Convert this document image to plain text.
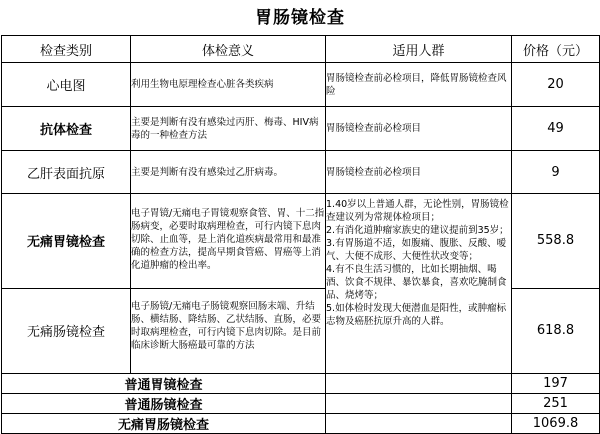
胃肠镜检查
检查类别	体检意义	适用人群	价格（元）
心电图	利用生物电原理检查心脏各类疾病	胃肠镜检查前必检项目，降低胃肠镜检查风险	20
抗体检查	主要是判断有没有感染过丙肝、梅毒、HIV病毒的一种检查方法	胃肠镜检查前必检项目	49
乙肝表面抗原	主要是判断有没有感染过乙肝病毒。	胃肠镜检查前必检项目	9
无痛胃镜检查	电子胃镜/无痛电子胃镜观察食管、胃、十二指肠病变，必要时取病理检查，可行内镜下息肉切除、止血等，是上消化道疾病最常用和最准确的检查方法，提高早期食管癌、胃癌等上消化道肿瘤的检出率。	1.40岁以上普通人群，无论性别，胃肠镜检查建议列为常规体检项目；
2.有消化道肿瘤家族史的建议提前到35岁；
3.有胃肠道不适，如腹痛、腹胀、反酸、嗳气、大便不成形、大便性状改变等；
4.有不良生活习惯的，比如长期抽烟、喝酒、饮食不规律、暴饮暴食，喜欢吃腌制食品、烧烤等；
5.如体检时发现大便潜血是阳性，或肿瘤标志物及癌胚抗原升高的人群。	558.8
无痛肠镜检查	电子肠镜/无痛电子肠镜观察回肠末端、升结肠、横结肠、降结肠、乙状结肠、直肠，必要时取病理检查，可行内镜下息肉切除。是目前临床诊断大肠癌最可靠的方法		618.8
普通胃镜检查			197
普通肠镜检查			251
无痛胃肠镜检查			1069.8
